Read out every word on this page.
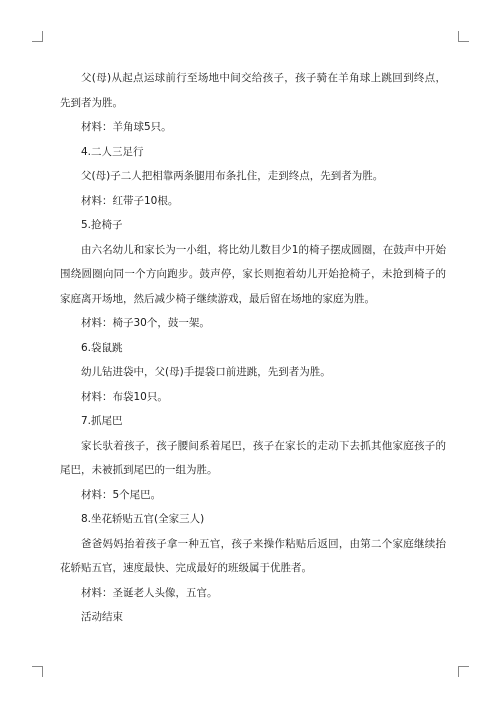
父(母)从起点运球前行至场地中间交给孩子，孩子骑在羊角球上跳回到终点，先到者为胜。

材料：羊角球5只。

4.二人三足行

父(母)子二人把相靠两条腿用布条扎住，走到终点，先到者为胜。

材料：红带子10根。

5.抢椅子

由六名幼儿和家长为一小组，将比幼儿数目少1的椅子摆成圆圈，在鼓声中开始围绕圆圈向同一个方向跑步。鼓声停，家长则抱着幼儿开始抢椅子，未抢到椅子的家庭离开场地，然后减少椅子继续游戏，最后留在场地的家庭为胜。

材料：椅子30个，鼓一架。

6.袋鼠跳

幼儿钻进袋中，父(母)手提袋口前进跳，先到者为胜。

材料：布袋10只。

7.抓尾巴

家长驮着孩子，孩子腰间系着尾巴，孩子在家长的走动下去抓其他家庭孩子的尾巴，未被抓到尾巴的一组为胜。

材料：5个尾巴。

8.坐花轿贴五官(全家三人)

爸爸妈妈抬着孩子拿一种五官，孩子来操作粘贴后返回，由第二个家庭继续抬花轿贴五官，速度最快、完成最好的班级属于优胜者。

材料：圣诞老人头像，五官。

活动结束
